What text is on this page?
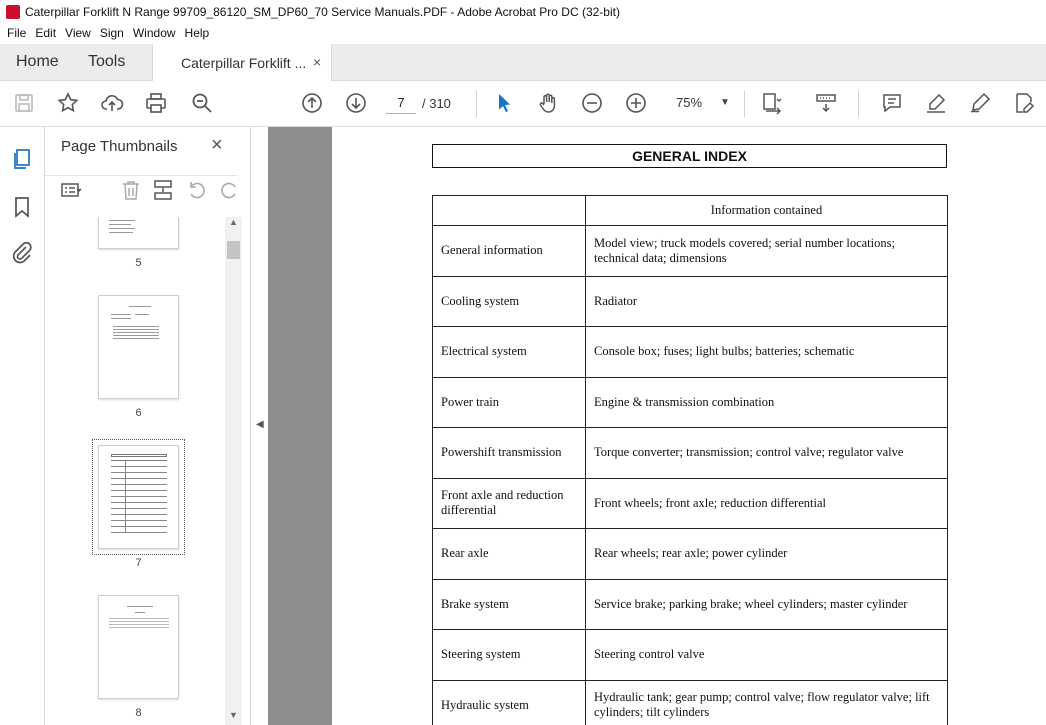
Caterpillar Forklift N Range 99709_86120_SM_DP60_70 Service Manuals.PDF - Adobe Acrobat Pro DC (32-bit)
File Edit View Sign Window Help
Home Tools	Caterpillar Forklift ... ×
7
/ 310	75%	▼
Page Thumbnails ×
5
6
7
8
▲
▼
◀
GENERAL INDEX
	Information contained
General information	Model view; truck models covered; serial number locations; technical data; dimensions
Cooling system	Radiator
Electrical system	Console box; fuses; light bulbs; batteries; schematic
Power train	Engine & transmission combination
Powershift transmission	Torque converter; transmission; control valve; regulator valve
Front axle and reduction differential	Front wheels; front axle; reduction differential
Rear axle	Rear wheels; rear axle; power cylinder
Brake system	Service brake; parking brake; wheel cylinders; master cylinder
Steering system	Steering control valve
Hydraulic system	Hydraulic tank; gear pump; control valve; flow regulator valve; lift cylinders; tilt cylinders
